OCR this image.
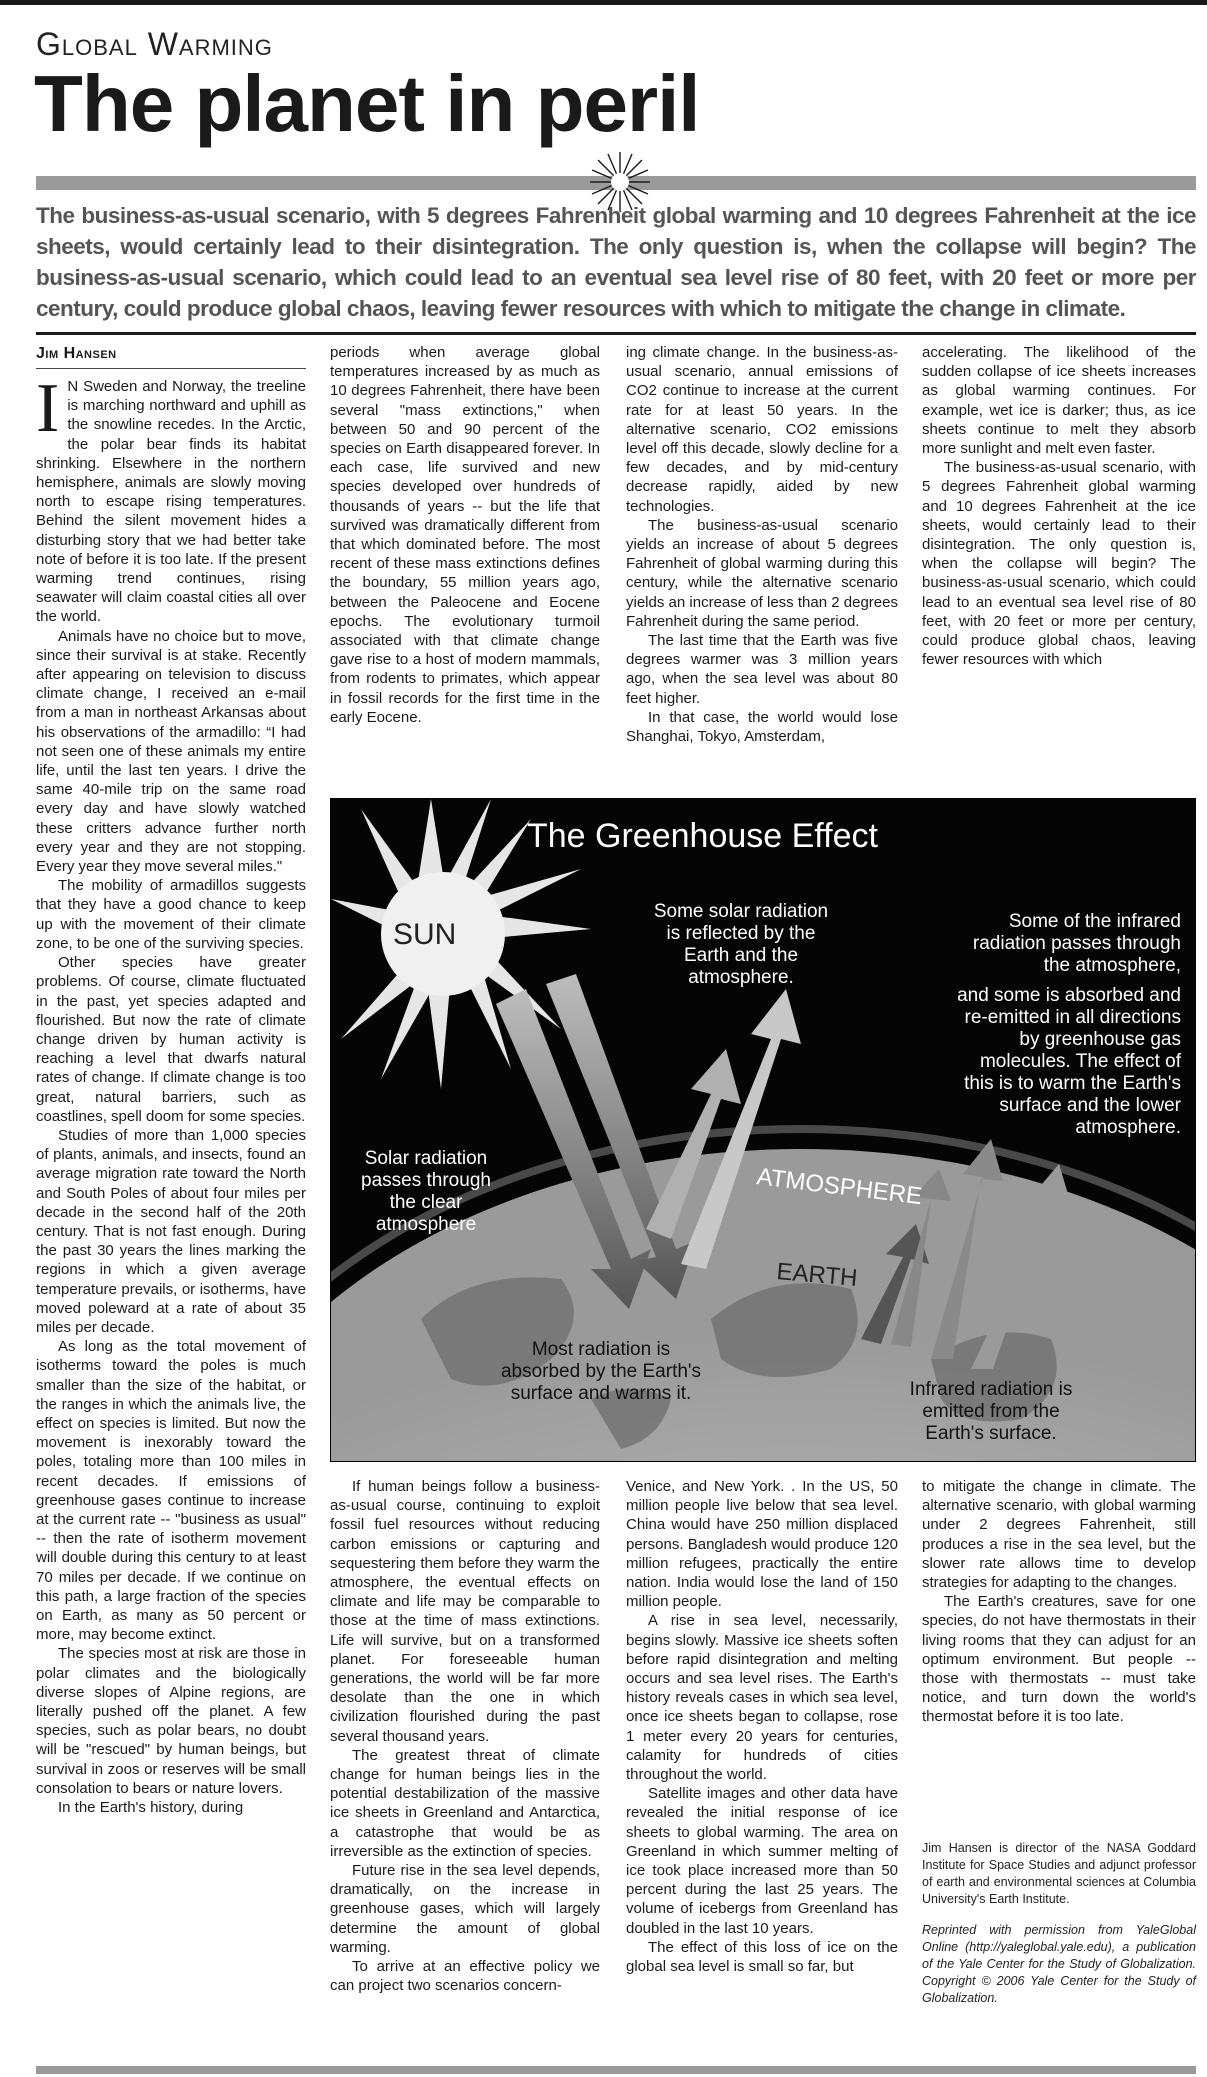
Global Warming
The planet in peril
The business-as-usual scenario, with 5 degrees Fahrenheit global warming and 10 degrees Fahrenheit at the ice sheets, would certainly lead to their disintegration. The only question is, when the collapse will begin? The business-as-usual scenario, which could lead to an eventual sea level rise of 80 feet, with 20 feet or more per century, could produce global chaos, leaving fewer resources with which to mitigate the change in climate.
Jim Hansen

I N Sweden and Norway, the treeline is marching northward and uphill as the snowline recedes. In the Arctic, the polar bear finds its habitat shrinking. Elsewhere in the northern hemisphere, animals are slowly moving north to escape rising temperatures. Behind the silent movement hides a disturbing story that we had better take note of before it is too late. If the present warming trend continues, rising seawater will claim coastal cities all over the world.

Animals have no choice but to move, since their survival is at stake. Recently after appearing on television to discuss climate change, I received an e-mail from a man in northeast Arkansas about his observations of the armadillo: “I had not seen one of these animals my entire life, until the last ten years. I drive the same 40-mile trip on the same road every day and have slowly watched these critters advance further north every year and they are not stopping. Every year they move several miles."

The mobility of armadillos suggests that they have a good chance to keep up with the movement of their climate zone, to be one of the surviving species.

Other species have greater problems. Of course, climate fluctuated in the past, yet species adapted and flourished. But now the rate of climate change driven by human activity is reaching a level that dwarfs natural rates of change. If climate change is too great, natural barriers, such as coastlines, spell doom for some species.

Studies of more than 1,000 species of plants, animals, and insects, found an average migration rate toward the North and South Poles of about four miles per decade in the second half of the 20th century. That is not fast enough. During the past 30 years the lines marking the regions in which a given average temperature prevails, or isotherms, have moved poleward at a rate of about 35 miles per decade.

As long as the total movement of isotherms toward the poles is much smaller than the size of the habitat, or the ranges in which the animals live, the effect on species is limited. But now the movement is inexorably toward the poles, totaling more than 100 miles in recent decades. If emissions of greenhouse gases continue to increase at the current rate -- "business as usual" -- then the rate of isotherm movement will double during this century to at least 70 miles per decade. If we continue on this path, a large fraction of the species on Earth, as many as 50 percent or more, may become extinct.

The species most at risk are those in polar climates and the biologically diverse slopes of Alpine regions, are literally pushed off the planet. A few species, such as polar bears, no doubt will be "rescued" by human beings, but survival in zoos or reserves will be small consolation to bears or nature lovers.

In the Earth's history, during

periods when average global temperatures increased by as much as 10 degrees Fahrenheit, there have been several "mass extinctions," when between 50 and 90 percent of the species on Earth disappeared forever. In each case, life survived and new species developed over hundreds of thousands of years -- but the life that survived was dramatically different from that which dominated before. The most recent of these mass extinctions defines the boundary, 55 million years ago, between the Paleocene and Eocene epochs. The evolutionary turmoil associated with that climate change gave rise to a host of modern mammals, from rodents to primates, which appear in fossil records for the first time in the early Eocene.

ing climate change. In the business-as-usual scenario, annual emissions of CO2 continue to increase at the current rate for at least 50 years. In the alternative scenario, CO2 emissions level off this decade, slowly decline for a few decades, and by mid-century decrease rapidly, aided by new technologies.

The business-as-usual scenario yields an increase of about 5 degrees Fahrenheit of global warming during this century, while the alternative scenario yields an increase of less than 2 degrees Fahrenheit during the same period.

The last time that the Earth was five degrees warmer was 3 million years ago, when the sea level was about 80 feet higher.

In that case, the world would lose Shanghai, Tokyo, Amsterdam,

accelerating. The likelihood of the sudden collapse of ice sheets increases as global warming continues. For example, wet ice is darker; thus, as ice sheets continue to melt they absorb more sunlight and melt even faster.

The business-as-usual scenario, with 5 degrees Fahrenheit global warming and 10 degrees Fahrenheit at the ice sheets, would certainly lead to their disintegration. The only question is, when the collapse will begin? The business-as-usual scenario, which could lead to an eventual sea level rise of 80 feet, with 20 feet or more per century, could produce global chaos, leaving fewer resources with which

SUN
The Greenhouse Effect
Some solar radiation
is reflected by the
Earth and the
atmosphere.
Some of the infrared
radiation passes through
the atmosphere,
and some is absorbed and
re-emitted in all directions
by greenhouse gas
molecules. The effect of
this is to warm the Earth's
surface and the lower
atmosphere.
Solar radiation
passes through
the clear
atmosphere
ATMOSPHERE
EARTH
Most radiation is
absorbed by the Earth's
surface and warms it.	Infrared radiation is
emitted from the
Earth's surface.

If human beings follow a business-as-usual course, continuing to exploit fossil fuel resources without reducing carbon emissions or capturing and sequestering them before they warm the atmosphere, the eventual effects on climate and life may be comparable to those at the time of mass extinctions. Life will survive, but on a transformed planet. For foreseeable human generations, the world will be far more desolate than the one in which civilization flourished during the past several thousand years.

The greatest threat of climate change for human beings lies in the potential destabilization of the massive ice sheets in Greenland and Antarctica, a catastrophe that would be as irreversible as the extinction of species.

Future rise in the sea level depends, dramatically, on the increase in greenhouse gases, which will largely determine the amount of global warming.

To arrive at an effective policy we can project two scenarios concern-

Venice, and New York. . In the US, 50 million people live below that sea level. China would have 250 million displaced persons. Bangladesh would produce 120 million refugees, practically the entire nation. India would lose the land of 150 million people.

A rise in sea level, necessarily, begins slowly. Massive ice sheets soften before rapid disintegration and melting occurs and sea level rises. The Earth's history reveals cases in which sea level, once ice sheets began to collapse, rose 1 meter every 20 years for centuries, calamity for hundreds of cities throughout the world.

Satellite images and other data have revealed the initial response of ice sheets to global warming. The area on Greenland in which summer melting of ice took place increased more than 50 percent during the last 25 years. The volume of icebergs from Greenland has doubled in the last 10 years.

The effect of this loss of ice on the global sea level is small so far, but

to mitigate the change in climate. The alternative scenario, with global warming under 2 degrees Fahrenheit, still produces a rise in the sea level, but the slower rate allows time to develop strategies for adapting to the changes.

The Earth's creatures, save for one species, do not have thermostats in their living rooms that they can adjust for an optimum environment. But people -- those with thermostats -- must take notice, and turn down the world's thermostat before it is too late.

Jim Hansen is director of the NASA Goddard Institute for Space Studies and adjunct professor of earth and environmental sciences at Columbia University's Earth Institute.

Reprinted with permission from YaleGlobal Online (http://yaleglobal.yale.edu), a publication of the Yale Center for the Study of Globalization. Copyright © 2006 Yale Center for the Study of Globalization.
